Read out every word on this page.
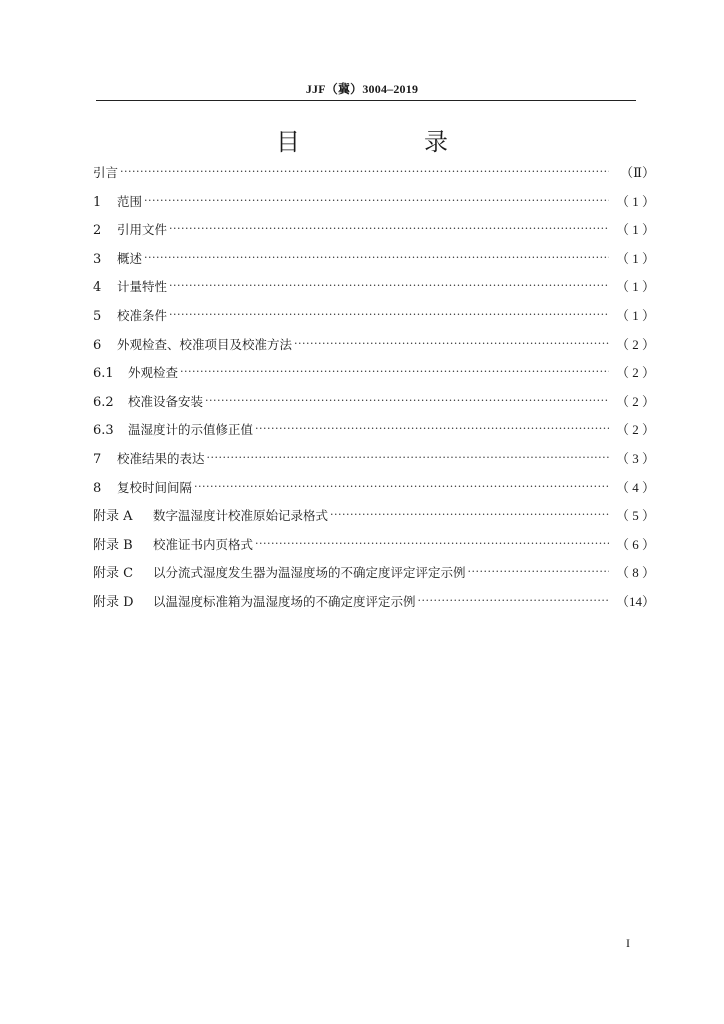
JJF（冀）3004–2019
目　录
引言 ·····	（Ⅱ）
1	范围 ·····	（ 1 ）
2	引用文件 ·····	（ 1 ）
3	概述 ·····	（ 1 ）
4	计量特性 ·····	（ 1 ）
5	校准条件 ·····	（ 1 ）
6	外观检查、校准项目及校准方法 ·····	（ 2 ）
6.1	外观检查 ·····	（ 2 ）
6.2	校准设备安装 ·····	（ 2 ）
6.3	温湿度计的示值修正值 ·····	（ 2 ）
7	校准结果的表达 ·····	（ 3 ）
8	复校时间间隔 ·····	（ 4 ）
附录 A	数字温湿度计校准原始记录格式 ·····	（ 5 ）
附录 B	校准证书内页格式 ·····	（ 6 ）
附录 C	以分流式湿度发生器为温湿度场的不确定度评定评定示例 ·····	（ 8 ）
附录 D	以温湿度标准箱为温湿度场的不确定度评定示例 ·····	（14）
I
